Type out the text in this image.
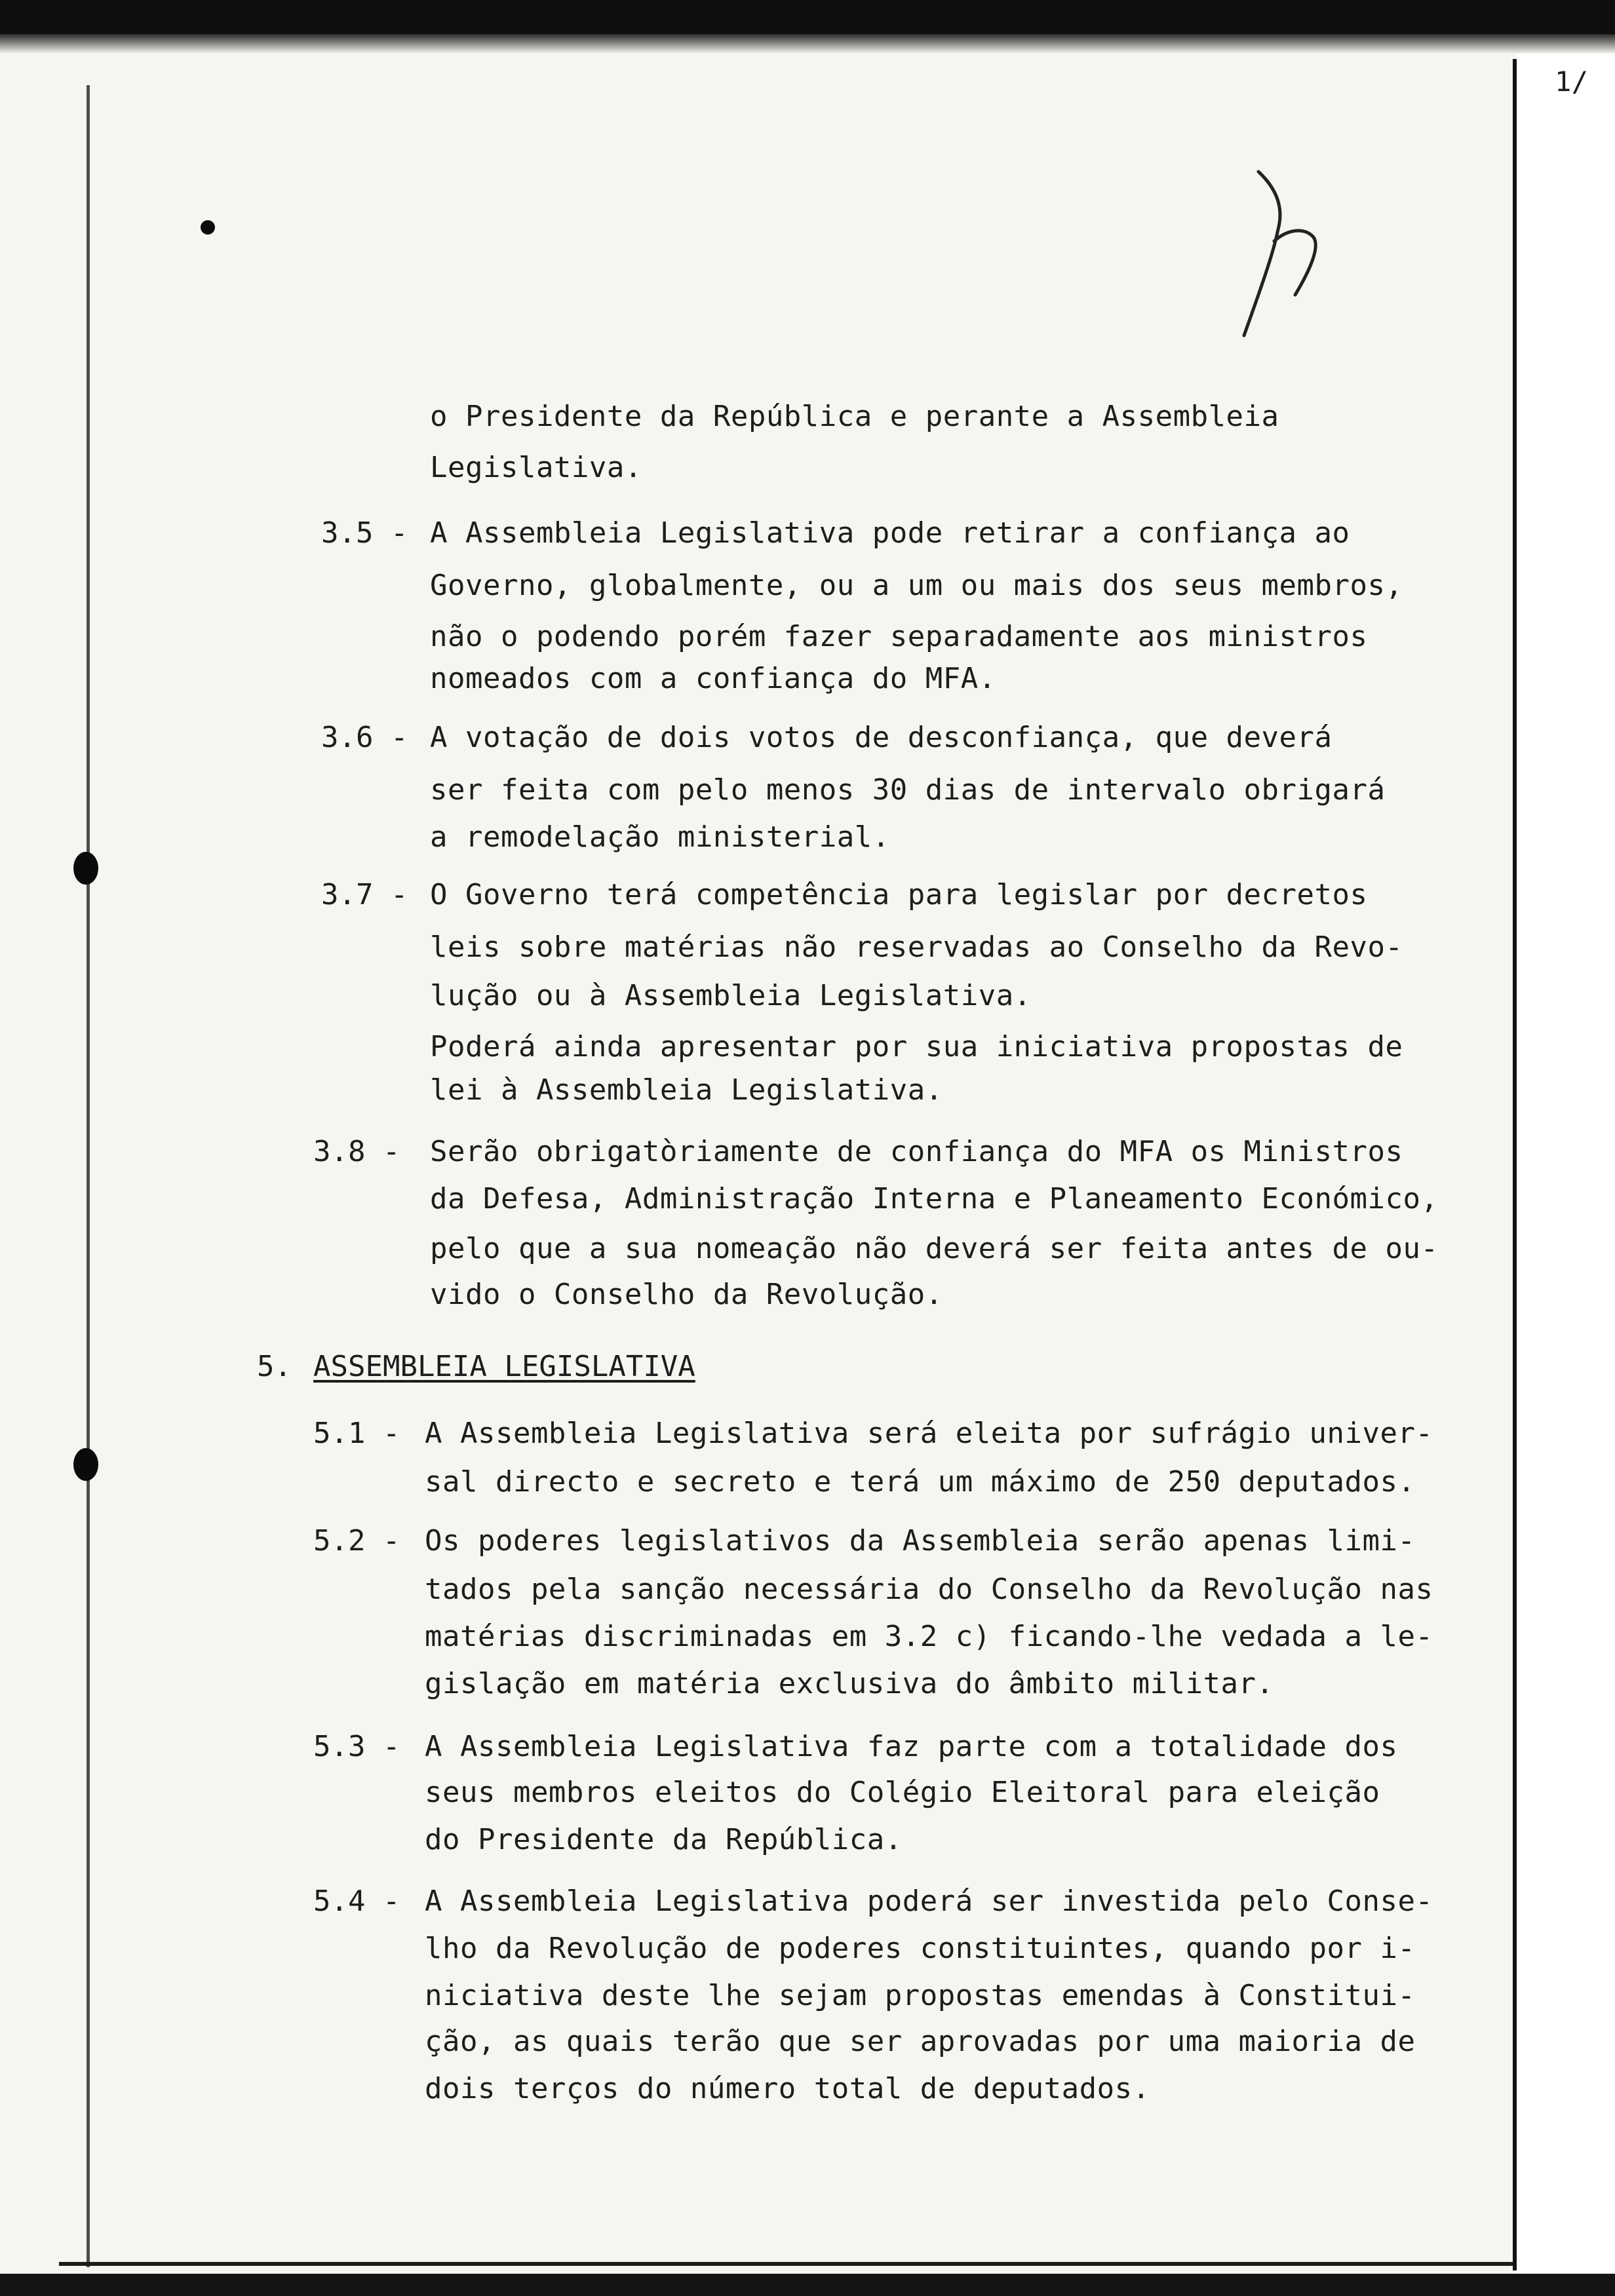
1/
o Presidente da República e perante a Assembleia
Legislativa.
3.5 - A Assembleia Legislativa pode retirar a confiança ao
Governo, globalmente, ou a um ou mais dos seus membros,
não o podendo porém fazer separadamente aos ministros
nomeados com a confiança do MFA.
3.6 - A votação de dois votos de desconfiança, que deverá
ser feita com pelo menos 30 dias de intervalo obrigará
a remodelação ministerial.
3.7 - O Governo terá competência para legislar por decretos
leis sobre matérias não reservadas ao Conselho da Revo-
lução ou à Assembleia Legislativa.
Poderá ainda apresentar por sua iniciativa propostas de
lei à Assembleia Legislativa.
3.8 - Serão obrigatòriamente de confiança do MFA os Ministros
da Defesa, Administração Interna e Planeamento Económico,
pelo que a sua nomeação não deverá ser feita antes de ou-
vido o Conselho da Revolução.
5. ASSEMBLEIA LEGISLATIVA
5.1 - A Assembleia Legislativa será eleita por sufrágio univer-
sal directo e secreto e terá um máximo de 250 deputados.
5.2 - Os poderes legislativos da Assembleia serão apenas limi-
tados pela sanção necessária do Conselho da Revolução nas
matérias discriminadas em 3.2 c) ficando-lhe vedada a le-
gislação em matéria exclusiva do âmbito militar.
5.3 - A Assembleia Legislativa faz parte com a totalidade dos
seus membros eleitos do Colégio Eleitoral para eleição
do Presidente da República.
5.4 - A Assembleia Legislativa poderá ser investida pelo Conse-
lho da Revolução de poderes constituintes, quando por i-
niciativa deste lhe sejam propostas emendas à Constitui-
ção, as quais terão que ser aprovadas por uma maioria de
dois terços do número total de deputados.
